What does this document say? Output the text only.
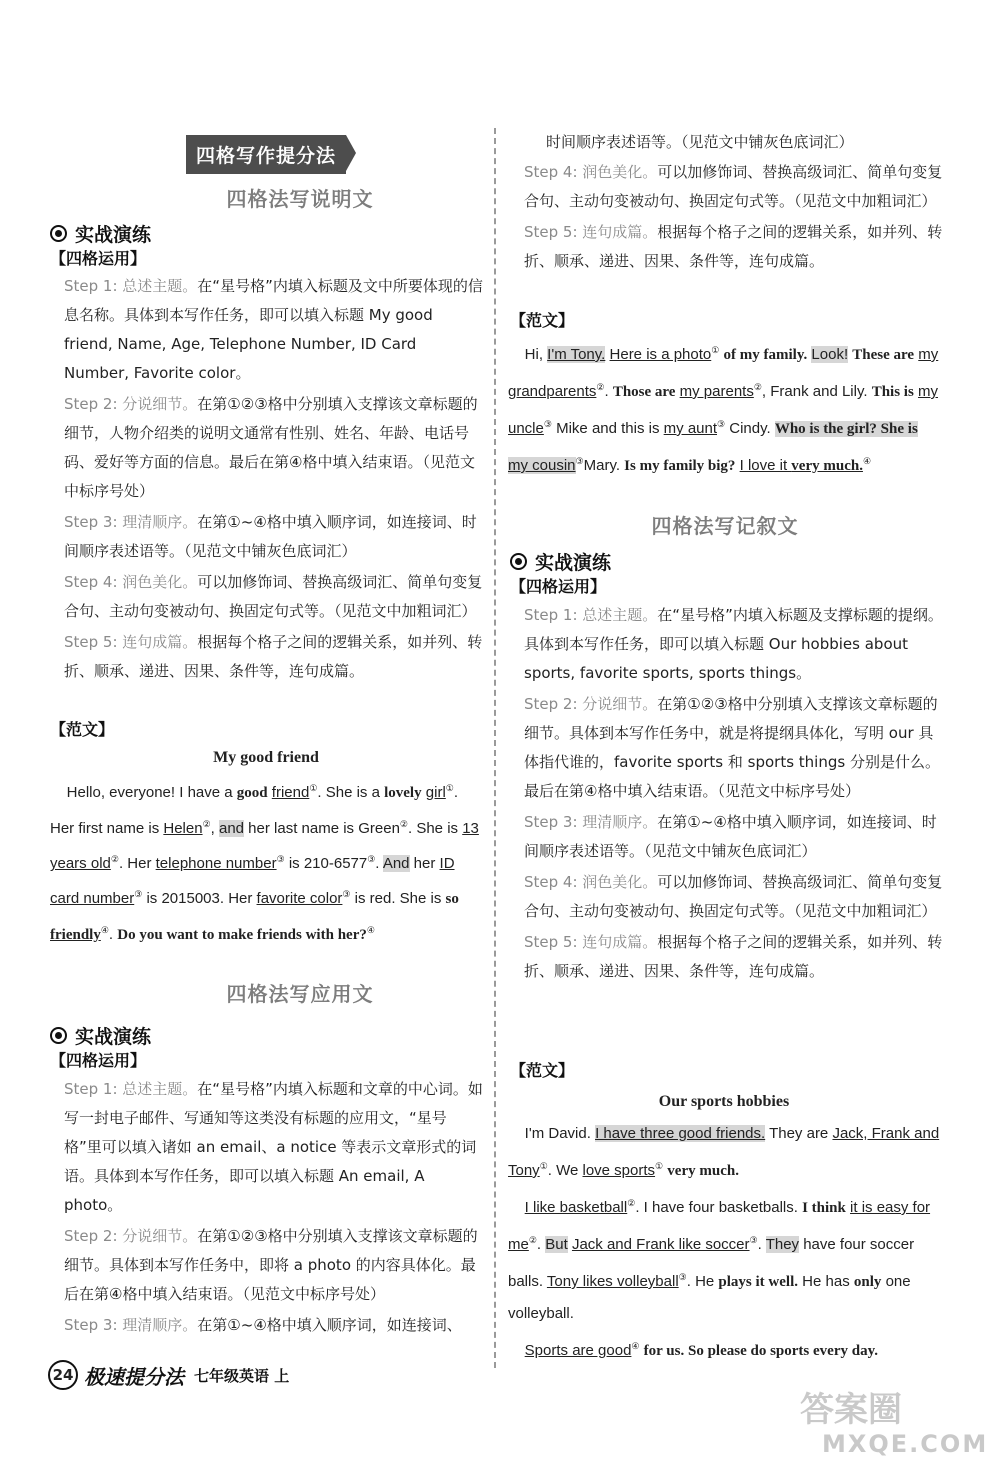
四格写作提分法
四格法写说明文
实战演练
【四格运用】
Step 1: 总述主题。在“星号格”内填入标题及文中所要体现的信息名称。具体到本写作任务，即可以填入标题 My good friend, Name, Age, Telephone Number, ID Card Number, Favorite color。
Step 2: 分说细节。在第①②③格中分别填入支撑该文章标题的细节，人物介绍类的说明文通常有性别、姓名、年龄、电话号码、爱好等方面的信息。最后在第④格中填入结束语。（见范文中标序号处）
Step 3: 理清顺序。在第①~④格中填入顺序词，如连接词、时间顺序表述语等。（见范文中铺灰色底词汇）
Step 4: 润色美化。可以加修饰词、替换高级词汇、简单句变复合句、主动句变被动句、换固定句式等。（见范文中加粗词汇）
Step 5: 连句成篇。根据每个格子之间的逻辑关系，如并列、转折、顺承、递进、因果、条件等，连句成篇。
【范文】
My good friend
Hello, everyone! I have a good friend①. She is a lovely girl①. Her first name is Helen②, and her last name is Green②. She is 13 years old②. Her telephone number③ is 210-6577③. And her ID card number③ is 2015003. Her favorite color③ is red. She is so friendly④. Do you want to make friends with her?④
四格法写应用文
实战演练
【四格运用】
Step 1: 总述主题。在“星号格”内填入标题和文章的中心词。如写一封电子邮件、写通知等这类没有标题的应用文，“星号格”里可以填入诸如 an email、a notice 等表示文章形式的词语。具体到本写作任务，即可以填入标题 An email, A photo。
Step 2: 分说细节。在第①②③格中分别填入支撑该文章标题的细节。具体到本写作任务中，即将 a photo 的内容具体化。最后在第④格中填入结束语。（见范文中标序号处）
Step 3: 理清顺序。在第①~④格中填入顺序词，如连接词、
时间顺序表述语等。（见范文中铺灰色底词汇）
Step 4: 润色美化。可以加修饰词、替换高级词汇、简单句变复合句、主动句变被动句、换固定句式等。（见范文中加粗词汇）
Step 5: 连句成篇。根据每个格子之间的逻辑关系，如并列、转折、顺承、递进、因果、条件等，连句成篇。
【范文】
Hi, I'm Tony. Here is a photo① of my family. Look! These are my grandparents②. Those are my parents②, Frank and Lily. This is my uncle③ Mike and this is my aunt③ Cindy. Who is the girl? She is my cousin③Mary. Is my family big? I love it very much.④
四格法写记叙文
实战演练
【四格运用】
Step 1: 总述主题。在“星号格”内填入标题及支撑标题的提纲。具体到本写作任务，即可以填入标题 Our hobbies about sports, favorite sports, sports things。
Step 2: 分说细节。在第①②③格中分别填入支撑该文章标题的细节。具体到本写作任务中，就是将提纲具体化，写明 our 具体指代谁的，favorite sports 和 sports things 分别是什么。最后在第④格中填入结束语。（见范文中标序号处）
Step 3: 理清顺序。在第①~④格中填入顺序词，如连接词、时间顺序表述语等。（见范文中铺灰色底词汇）
Step 4: 润色美化。可以加修饰词、替换高级词汇、简单句变复合句、主动句变被动句、换固定句式等。（见范文中加粗词汇）
Step 5: 连句成篇。根据每个格子之间的逻辑关系，如并列、转折、顺承、递进、因果、条件等，连句成篇。
【范文】
Our sports hobbies
I'm David. I have three good friends. They are Jack, Frank and Tony①. We love sports① very much.
I like basketball②. I have four basketballs. I think it is easy for me②. But Jack and Frank like soccer③. They have four soccer balls. Tony likes volleyball③. He plays it well. He has only one volleyball.
Sports are good④ for us. So please do sports every day.
24 极速提分法 七年级英语 上
答案圈
MXQE.COM
